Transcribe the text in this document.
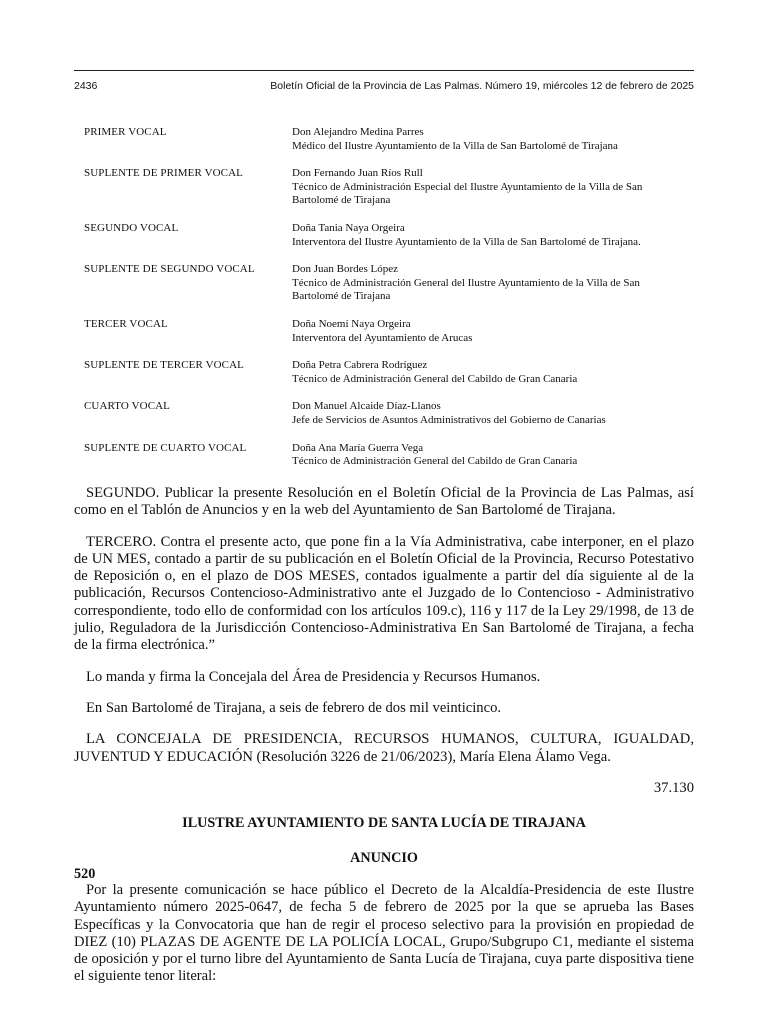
2436	Boletín Oficial de la Provincia de Las Palmas. Número 19, miércoles 12 de febrero de 2025
PRIMER VOCAL	Don Alejandro Medina Parres
Médico del Ilustre Ayuntamiento de la Villa de San Bartolomé de Tirajana
SUPLENTE DE PRIMER VOCAL	Don Fernando Juan Ríos Rull
Técnico de Administración Especial del Ilustre Ayuntamiento de la Villa de San Bartolomé de Tirajana
SEGUNDO VOCAL	Doña Tania Naya Orgeira
Interventora del Ilustre Ayuntamiento de la Villa de San Bartolomé de Tirajana.
SUPLENTE DE SEGUNDO VOCAL	Don Juan Bordes López
Técnico de Administración General del Ilustre Ayuntamiento de la Villa de San Bartolomé de Tirajana
TERCER VOCAL	Doña Noemí Naya Orgeira
Interventora del Ayuntamiento de Arucas
SUPLENTE DE TERCER VOCAL	Doña Petra Cabrera Rodríguez
Técnico de Administración General del Cabildo de Gran Canaria
CUARTO VOCAL	Don Manuel Alcaide Díaz-Llanos
Jefe de Servicios de Asuntos Administrativos del Gobierno de Canarias
SUPLENTE DE CUARTO VOCAL	Doña Ana María Guerra Vega
Técnico de Administración General del Cabildo de Gran Canaria

SEGUNDO. Publicar la presente Resolución en el Boletín Oficial de la Provincia de Las Palmas, así como en el Tablón de Anuncios y en la web del Ayuntamiento de San Bartolomé de Tirajana.

TERCERO. Contra el presente acto, que pone fin a la Vía Administrativa, cabe interponer, en el plazo de UN MES, contado a partir de su publicación en el Boletín Oficial de la Provincia, Recurso Potestativo de Reposición o, en el plazo de DOS MESES, contados igualmente a partir del día siguiente al de la publicación, Recursos Contencioso-Administrativo ante el Juzgado de lo Contencioso - Administrativo correspondiente, todo ello de conformidad con los artículos 109.c), 116 y 117 de la Ley 29/1998, de 13 de julio, Reguladora de la Jurisdicción Contencioso-Administrativa En San Bartolomé de Tirajana, a fecha de la firma electrónica.”

Lo manda y firma la Concejala del Área de Presidencia y Recursos Humanos.

En San Bartolomé de Tirajana, a seis de febrero de dos mil veinticinco.

LA CONCEJALA DE PRESIDENCIA, RECURSOS HUMANOS, CULTURA, IGUALDAD, JUVENTUD Y EDUCACIÓN (Resolución 3226 de 21/06/2023), María Elena Álamo Vega.

37.130
ILUSTRE AYUNTAMIENTO DE SANTA LUCÍA DE TIRAJANA
ANUNCIO
520

Por la presente comunicación se hace público el Decreto de la Alcaldía-Presidencia de este Ilustre Ayuntamiento número 2025-0647, de fecha 5 de febrero de 2025 por la que se aprueba las Bases Específicas y la Convocatoria que han de regir el proceso selectivo para la provisión en propiedad de DIEZ (10) PLAZAS DE AGENTE DE LA POLICÍA LOCAL, Grupo/Subgrupo C1, mediante el sistema de oposición y por el turno libre del Ayuntamiento de Santa Lucía de Tirajana, cuya parte dispositiva tiene el siguiente tenor literal:
